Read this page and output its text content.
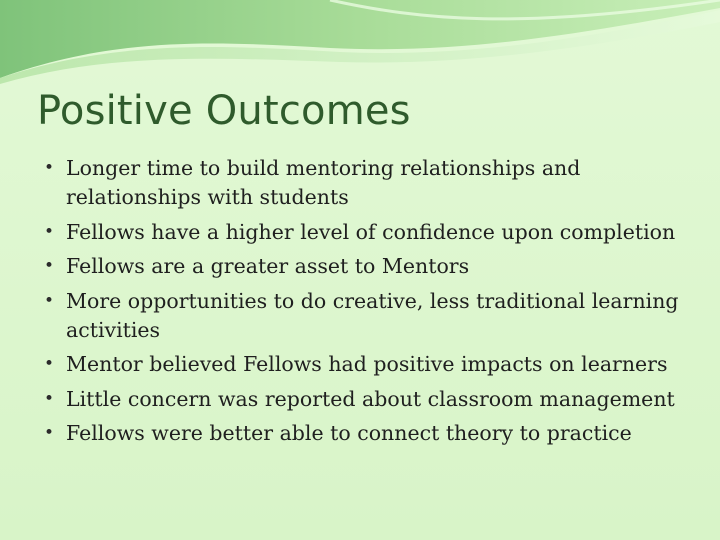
Positive Outcomes
• Longer time to build mentoring relationships and relationships with students
• Fellows have a higher level of confidence upon completion
• Fellows are a greater asset to Mentors
• More opportunities to do creative, less traditional learning activities
• Mentor believed Fellows had positive impacts on learners
• Little concern was reported about classroom management
• Fellows were better able to connect theory to practice
